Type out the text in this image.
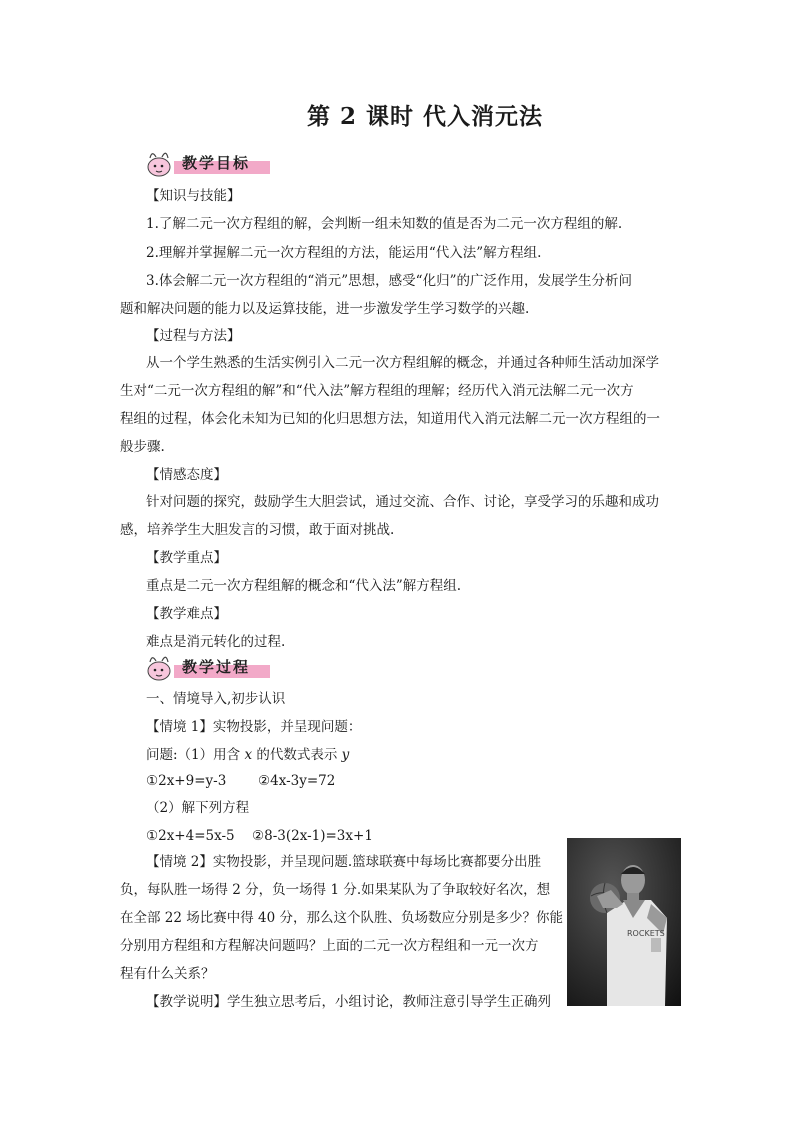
第 2 课时 代入消元法
教学目标
【知识与技能】
1.了解二元一次方程组的解，会判断一组未知数的值是否为二元一次方程组的解.
2.理解并掌握解二元一次方程组的方法，能运用“代入法”解方程组.
3.体会解二元一次方程组的“消元”思想，感受“化归”的广泛作用，发展学生分析问
题和解决问题的能力以及运算技能，进一步激发学生学习数学的兴趣.
【过程与方法】
从一个学生熟悉的生活实例引入二元一次方程组解的概念，并通过各种师生活动加深学
生对“二元一次方程组的解”和“代入法”解方程组的理解；经历代入消元法解二元一次方
程组的过程，体会化未知为已知的化归思想方法，知道用代入消元法解二元一次方程组的一
般步骤.
【情感态度】
针对问题的探究，鼓励学生大胆尝试，通过交流、合作、讨论，享受学习的乐趣和成功
感，培养学生大胆发言的习惯，敢于面对挑战.
【教学重点】
重点是二元一次方程组解的概念和“代入法”解方程组.
【教学难点】
难点是消元转化的过程.
教学过程
一、情境导入,初步认识
【情境 1】实物投影，并呈现问题：
问题:（1）用含 x 的代数式表示 y
①2x+9=y-3 ②4x-3y=72
（2）解下列方程
①2x+4=5x-5 ②8-3(2x-1)=3x+1
【情境 2】实物投影，并呈现问题.篮球联赛中每场比赛都要分出胜
负，每队胜一场得 2 分，负一场得 1 分.如果某队为了争取较好名次，想
在全部 22 场比赛中得 40 分，那么这个队胜、负场数应分别是多少？你能
分别用方程组和方程解决问题吗？上面的二元一次方程组和一元一次方
程有什么关系？
【教学说明】学生独立思考后，小组讨论，教师注意引导学生正确列
ROCKETS
